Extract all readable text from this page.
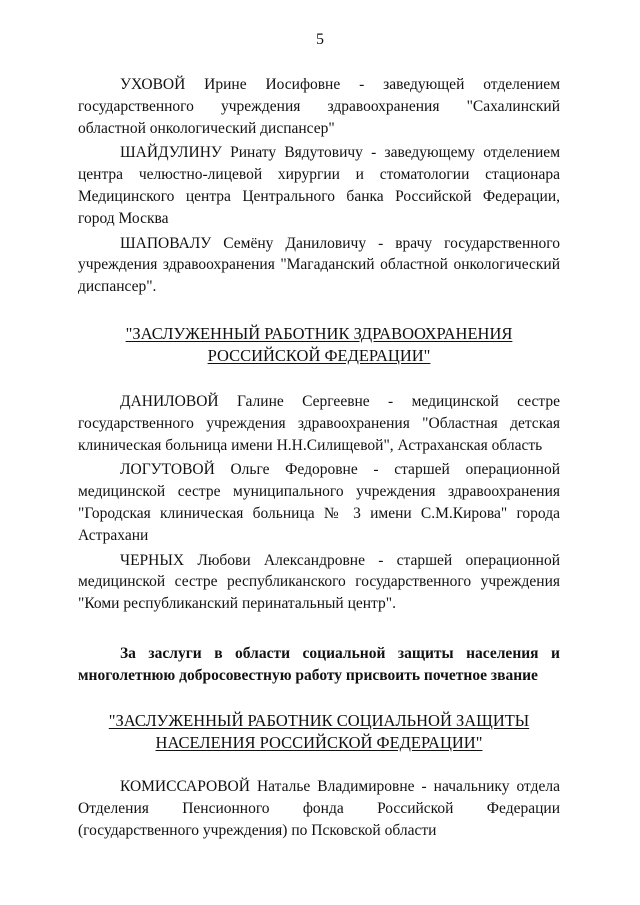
5

УХОВОЙ Ирине Иосифовне - заведующей отделением государственного учреждения здравоохранения "Сахалинский областной онкологический диспансер"

ШАЙДУЛИНУ Ринату Вядутовичу - заведующему отделением центра челюстно-лицевой хирургии и стоматологии стационара Медицинского центра Центрального банка Российской Федерации, город Москва

ШАПОВАЛУ Семёну Даниловичу - врачу государственного учреждения здравоохранения "Магаданский областной онкологический диспансер".

"ЗАСЛУЖЕННЫЙ РАБОТНИК ЗДРАВООХРАНЕНИЯ
РОССИЙСКОЙ ФЕДЕРАЦИИ"

ДАНИЛОВОЙ Галине Сергеевне - медицинской сестре государственного учреждения здравоохранения "Областная детская клиническая больница имени Н.Н.Силищевой", Астраханская область

ЛОГУТОВОЙ Ольге Федоровне - старшей операционной медицинской сестре муниципального учреждения здравоохранения "Городская клиническая больница № 3 имени С.М.Кирова" города Астрахани

ЧЕРНЫХ Любови Александровне - старшей операционной медицинской сестре республиканского государственного учреждения "Коми республиканский перинатальный центр".

За заслуги в области социальной защиты населения и многолетнюю добросовестную работу присвоить почетное звание

"ЗАСЛУЖЕННЫЙ РАБОТНИК СОЦИАЛЬНОЙ ЗАЩИТЫ
НАСЕЛЕНИЯ РОССИЙСКОЙ ФЕДЕРАЦИИ"

КОМИССАРОВОЙ Наталье Владимировне - начальнику отдела Отделения Пенсионного фонда Российской Федерации (государственного учреждения) по Псковской области
